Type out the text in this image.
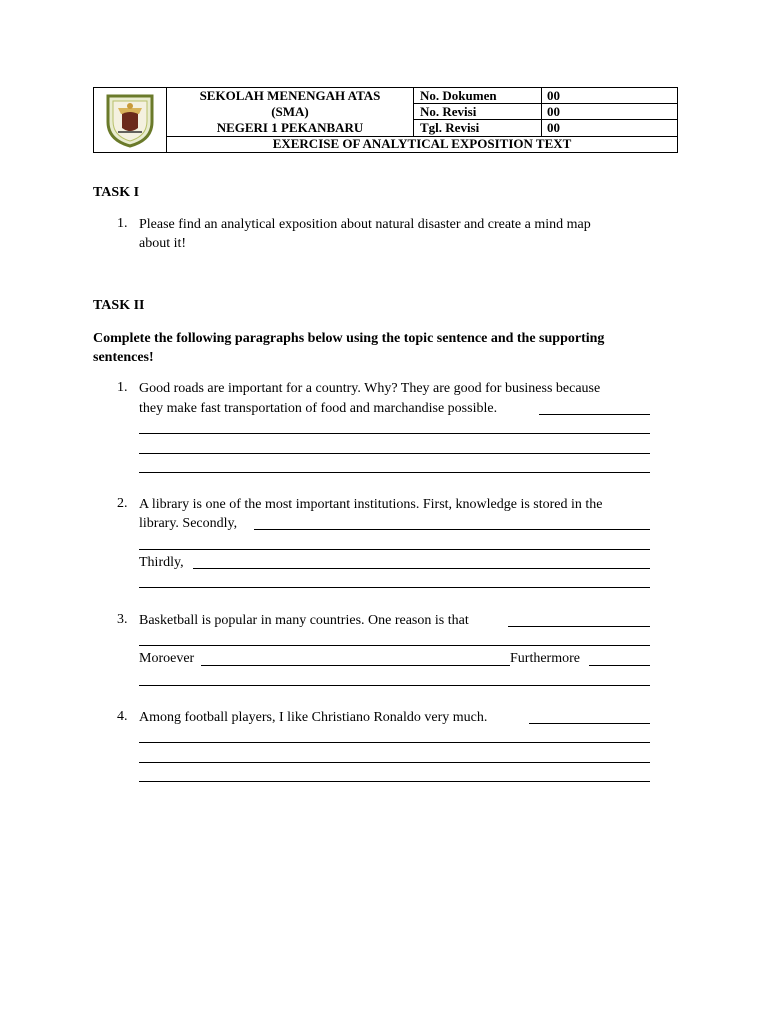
SEKOLAH MENENGAH ATAS
(SMA)
NEGERI 1 PEKANBARU
No. Dokumen	00
No. Revisi	00
Tgl. Revisi	00
EXERCISE OF ANALYTICAL EXPOSITION TEXT
TASK I
1. Please find an analytical exposition about natural disaster and create a mind map
about it!
TASK II
Complete the following paragraphs below using the topic sentence and the supporting
sentences!
1. Good roads are important for a country. Why? They are good for business because
they make fast transportation of food and marchandise possible.
2. A library is one of the most important institutions. First, knowledge is stored in the
library. Secondly,
Thirdly,
3. Basketball is popular in many countries. One reason is that
Moroever	Furthermore
4. Among football players, I like Christiano Ronaldo very much.
